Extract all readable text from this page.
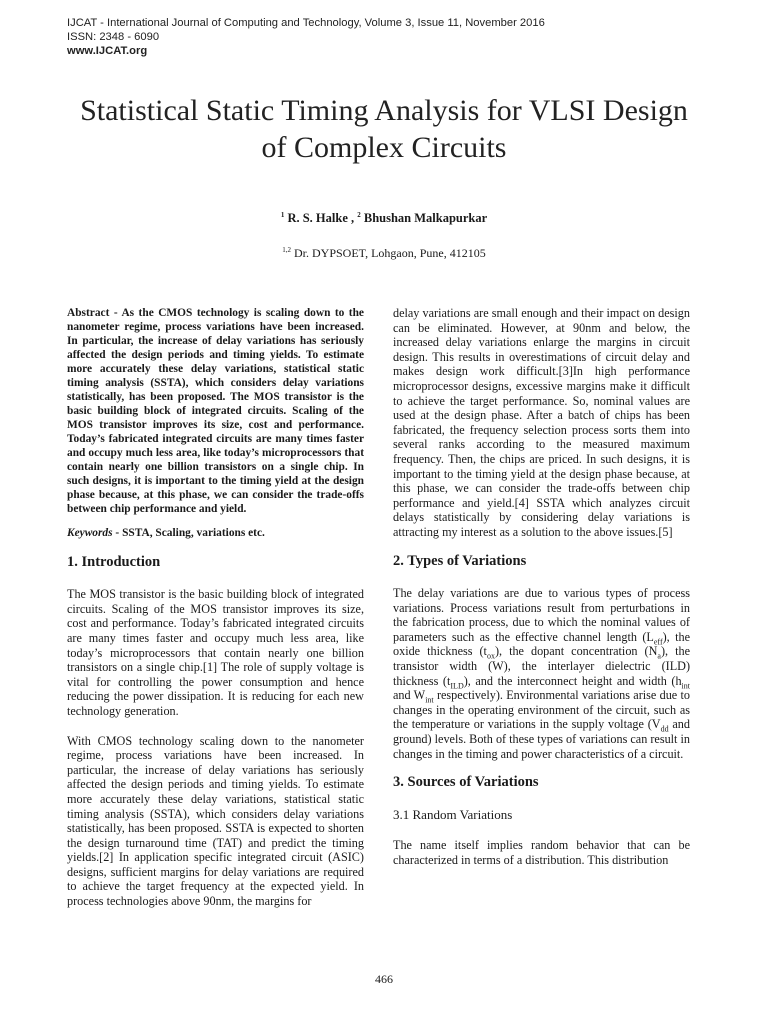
IJCAT - International Journal of Computing and Technology, Volume 3, Issue 11, November 2016
ISSN: 2348 - 6090
www.IJCAT.org
Statistical Static Timing Analysis for VLSI Design
of Complex Circuits
$^1$ R. S. Halke , $^2$ Bhushan Malkapurkar
$^{1,2}$ Dr. DYPSOET, Lohgaon, Pune, 412105

Abstract - As the CMOS technology is scaling down to the nanometer regime, process variations have been increased. In particular, the increase of delay variations has seriously affected the design periods and timing yields. To estimate more accurately these delay variations, statistical static timing analysis (SSTA), which considers delay variations statistically, has been proposed. The MOS transistor is the basic building block of integrated circuits. Scaling of the MOS transistor improves its size, cost and performance. Today’s fabricated integrated circuits are many times faster and occupy much less area, like today’s microprocessors that contain nearly one billion transistors on a single chip. In such designs, it is important to the timing yield at the design phase because, at this phase, we can consider the trade-offs between chip performance and yield.

Keywords - SSTA, Scaling, variations etc.

1. Introduction

The MOS transistor is the basic building block of integrated circuits. Scaling of the MOS transistor improves its size, cost and performance. Today’s fabricated integrated circuits are many times faster and occupy much less area, like today’s microprocessors that contain nearly one billion transistors on a single chip.[1] The role of supply voltage is vital for controlling the power consumption and hence reducing the power dissipation. It is reducing for each new technology generation.

With CMOS technology scaling down to the nanometer regime, process variations have been increased. In particular, the increase of delay variations has seriously affected the design periods and timing yields. To estimate more accurately these delay variations, statistical static timing analysis (SSTA), which considers delay variations statistically, has been proposed. SSTA is expected to shorten the design turnaround time (TAT) and predict the timing yields.[2] In application specific integrated circuit (ASIC) designs, sufficient margins for delay variations are required to achieve the target frequency at the expected yield. In process technologies above 90nm, the margins for

delay variations are small enough and their impact on design can be eliminated. However, at 90nm and below, the increased delay variations enlarge the margins in circuit design. This results in overestimations of circuit delay and makes design work difficult.[3]In high performance microprocessor designs, excessive margins make it difficult to achieve the target performance. So, nominal values are used at the design phase. After a batch of chips has been fabricated, the frequency selection process sorts them into several ranks according to the measured maximum frequency. Then, the chips are priced. In such designs, it is important to the timing yield at the design phase because, at this phase, we can consider the trade-offs between chip performance and yield.[4] SSTA which analyzes circuit delays statistically by considering delay variations is attracting my interest as a solution to the above issues.[5]

2. Types of Variations

The delay variations are due to various types of process variations. Process variations result from perturbations in the fabrication process, due to which the nominal values of parameters such as the effective channel length $(L_{eff})$, the oxide thickness $(t_{ox})$, the dopant concentration $(N_a)$, the transistor width (W), the interlayer dielectric (ILD) thickness $(t_{ILD})$, and the interconnect height and width ($h_{int}$ and $W_{int}$ respectively). Environmental variations arise due to changes in the operating environment of the circuit, such as the temperature or variations in the supply voltage ($V_{dd}$ and ground) levels. Both of these types of variations can result in changes in the timing and power characteristics of a circuit.

3. Sources of Variations
3.1 Random Variations

The name itself implies random behavior that can be characterized in terms of a distribution. This distribution

466
